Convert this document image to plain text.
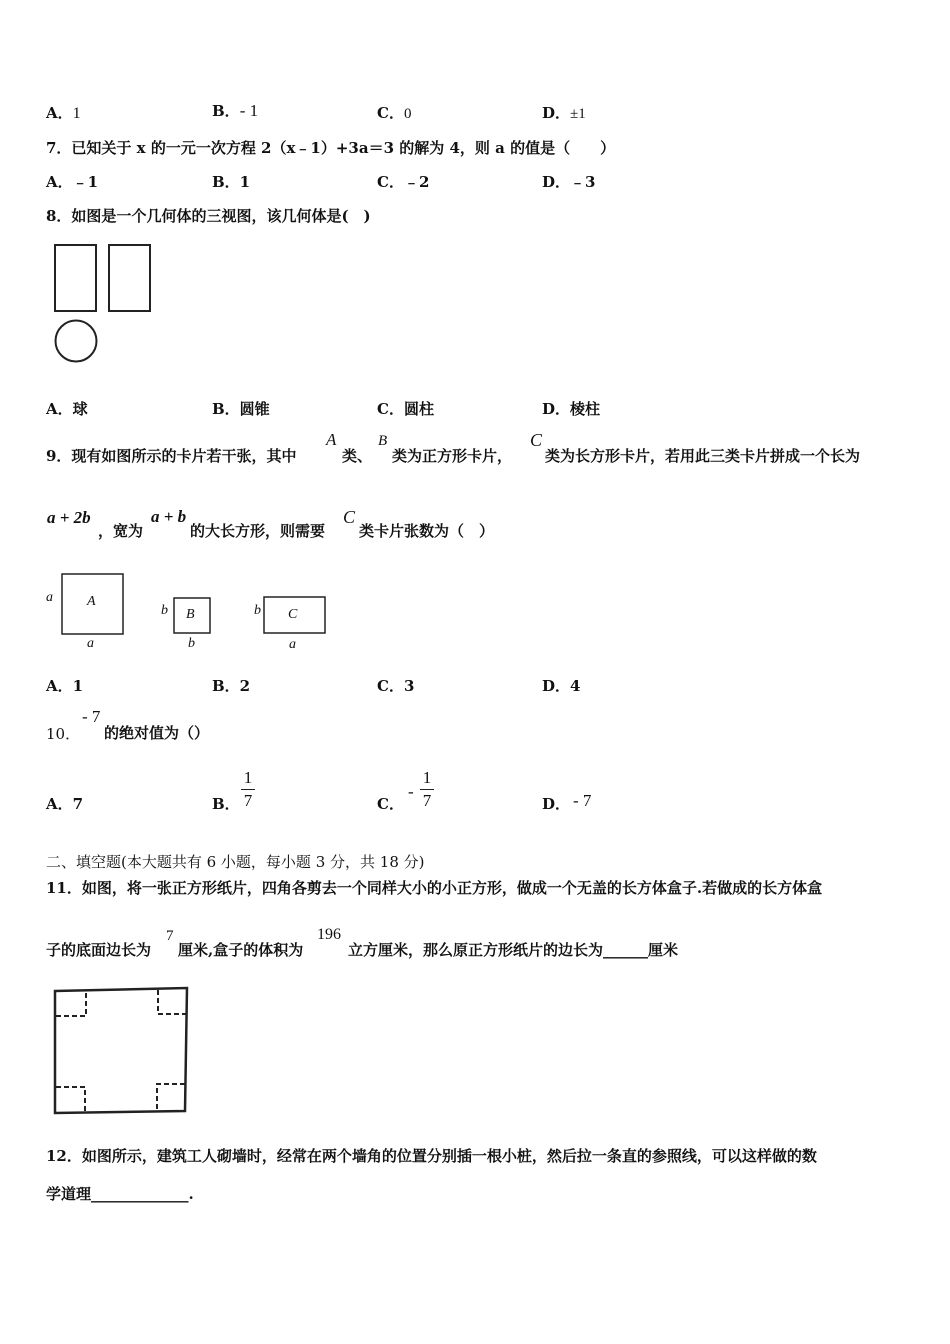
A．1	B．- 1	C．0	D．±1
7．已知关于 x 的一元一次方程 2（x﹣1）+3a＝3 的解为 4，则 a 的值是（　　）
A．﹣1	B．1	C．﹣2	D．﹣3
8．如图是一个几何体的三视图，该几何体是(　)
A．球	B．圆锥	C．圆柱	D．棱柱
9．现有如图所示的卡片若干张，其中
A
类、
B
类为正方形卡片，
C
类为长方形卡片，若用此三类卡片拼成一个长为
a + 2b
，宽为
a + b
的大长方形，则需要
C
类卡片张数为（　）
a A
a
b B
b
b C
a
A．1	B．2	C．3	D．4
10．
- 7
的绝对值为（）
A．7	B．
1
7	C．
-
1
7	D． - 7
二、填空题(本大题共有 6 小题，每小题 3 分，共 18 分)
11．如图，将一张正方形纸片，四角各剪去一个同样大小的小正方形，做成一个无盖的长方体盒子.若做成的长方体盒
子的底面边长为
7
厘米,盒子的体积为
196
立方厘米，那么原正方形纸片的边长为______厘米
12．如图所示，建筑工人砌墙时，经常在两个墙角的位置分别插一根小桩，然后拉一条直的参照线，可以这样做的数
学道理_____________.
